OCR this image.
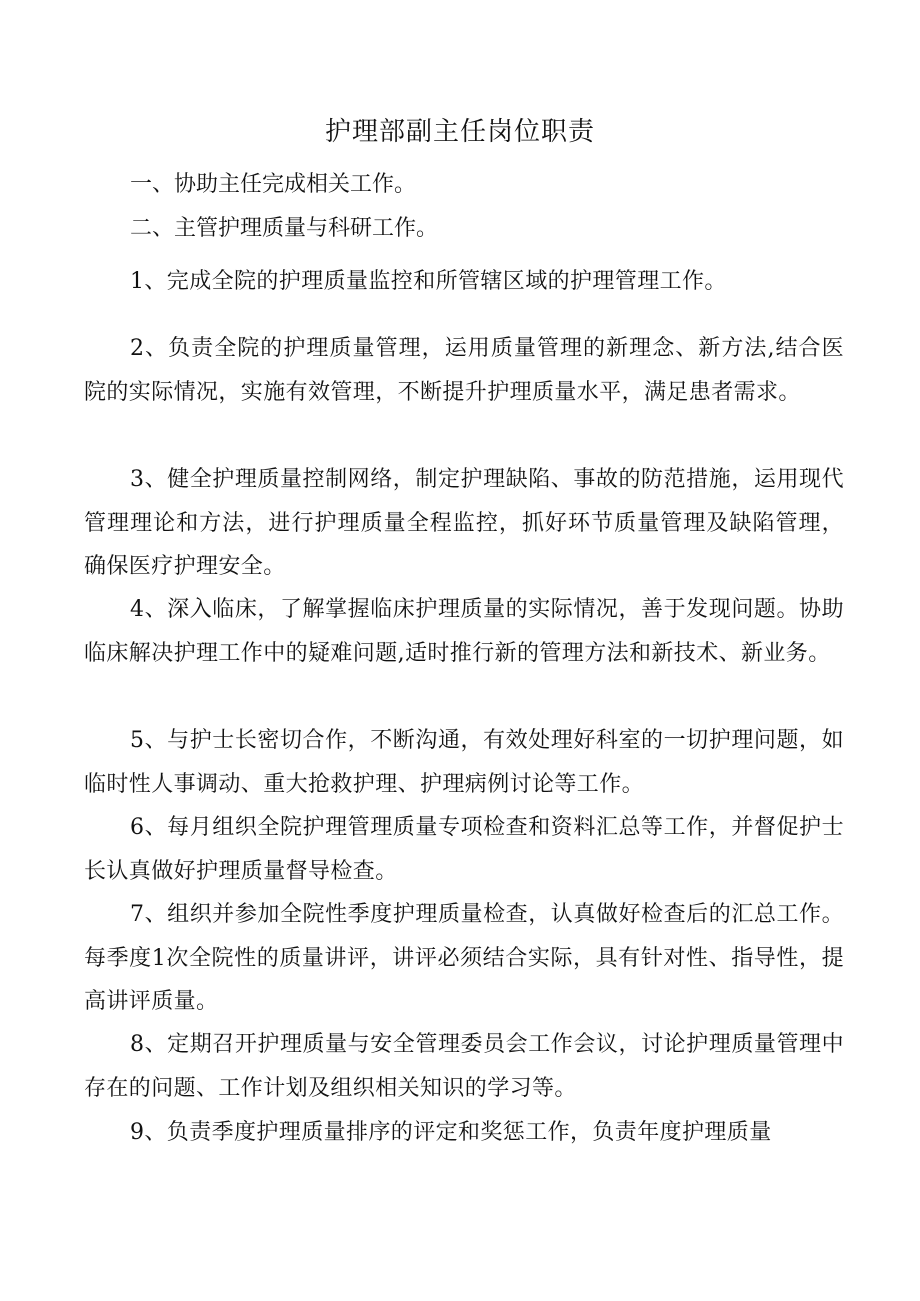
护理部副主任岗位职责

一、协助主任完成相关工作。

二、主管护理质量与科研工作。

1、完成全院的护理质量监控和所管辖区域的护理管理工作。

2、负责全院的护理质量管理，运用质量管理的新理念、新方法,结合医院的实际情况，实施有效管理，不断提升护理质量水平，满足患者需求。

3、健全护理质量控制网络，制定护理缺陷、事故的防范措施，运用现代管理理论和方法，进行护理质量全程监控，抓好环节质量管理及缺陷管理，确保医疗护理安全。

4、深入临床，了解掌握临床护理质量的实际情况，善于发现问题。协助临床解决护理工作中的疑难问题,适时推行新的管理方法和新技术、新业务。

5、与护士长密切合作，不断沟通，有效处理好科室的一切护理问题，如临时性人事调动、重大抢救护理、护理病例讨论等工作。

6、每月组织全院护理管理质量专项检查和资料汇总等工作，并督促护士长认真做好护理质量督导检查。

7、组织并参加全院性季度护理质量检查，认真做好检查后的汇总工作。每季度1次全院性的质量讲评，讲评必须结合实际，具有针对性、指导性，提高讲评质量。

8、定期召开护理质量与安全管理委员会工作会议，讨论护理质量管理中存在的问题、工作计划及组织相关知识的学习等。

9、负责季度护理质量排序的评定和奖惩工作，负责年度护理质量
